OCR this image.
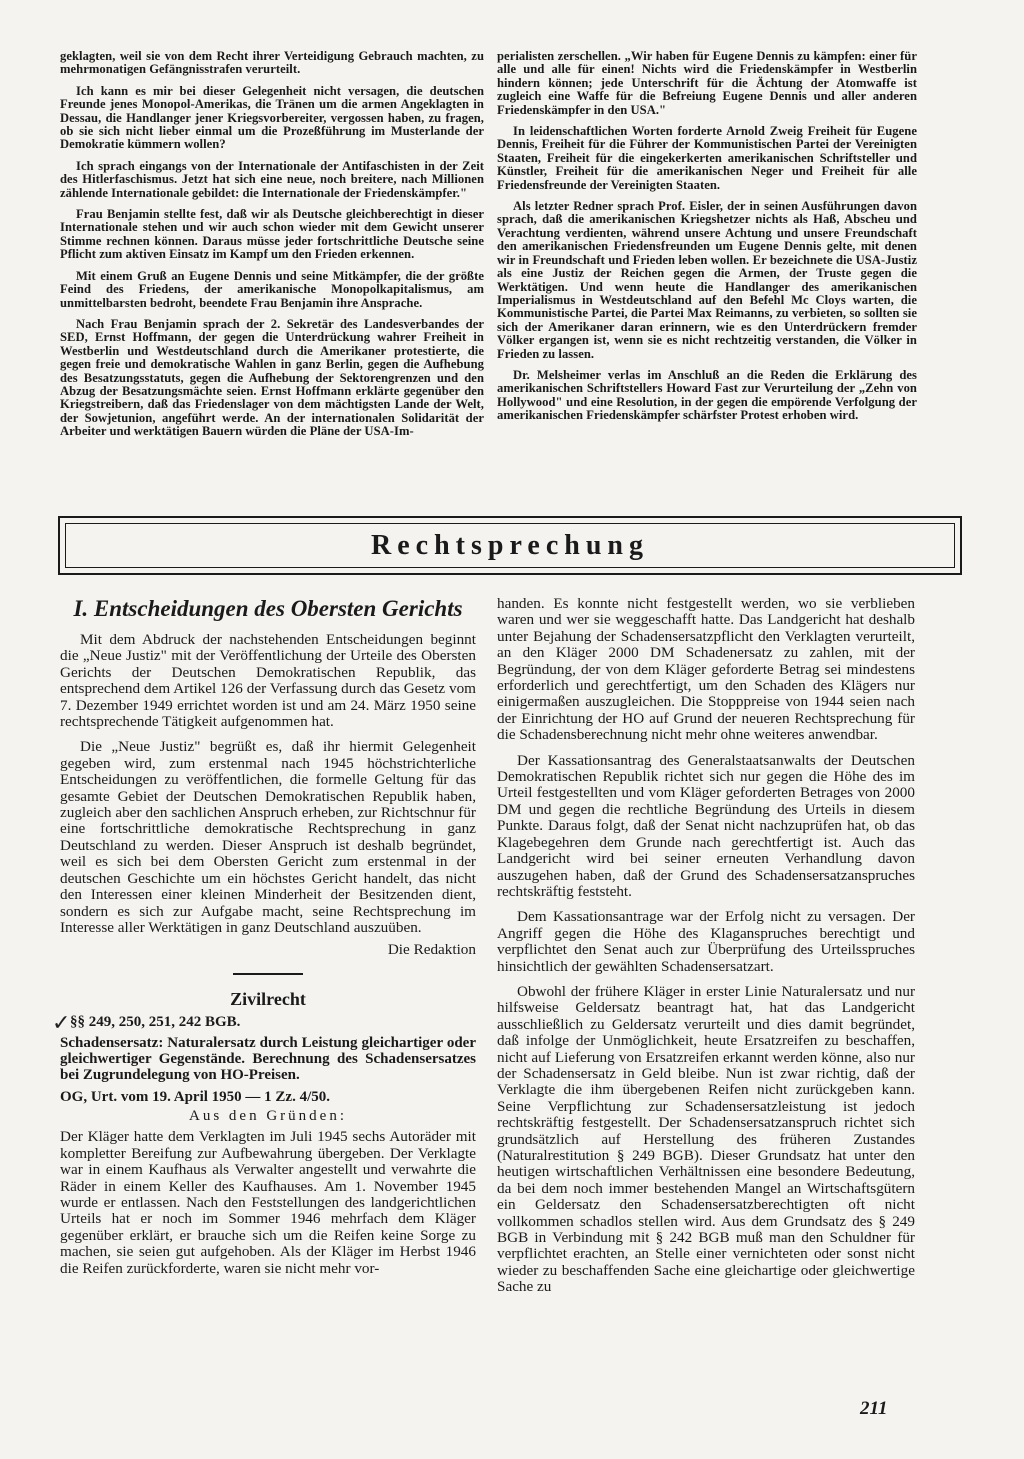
geklagten, weil sie von dem Recht ihrer Verteidigung Gebrauch machten, zu mehrmonatigen Gefängnisstrafen verurteilt.

Ich kann es mir bei dieser Gelegenheit nicht versagen, die deutschen Freunde jenes Monopol-Amerikas, die Tränen um die armen Angeklagten in Dessau, die Handlanger jener Kriegsvorbereiter, vergossen haben, zu fragen, ob sie sich nicht lieber einmal um die Prozeßführung im Musterlande der Demokratie kümmern wollen?

Ich sprach eingangs von der Internationale der Antifaschisten in der Zeit des Hitlerfaschismus. Jetzt hat sich eine neue, noch breitere, nach Millionen zählende Internationale gebildet: die Internationale der Friedenskämpfer."

Frau Benjamin stellte fest, daß wir als Deutsche gleichberechtigt in dieser Internationale stehen und wir auch schon wieder mit dem Gewicht unserer Stimme rechnen können. Daraus müsse jeder fortschrittliche Deutsche seine Pflicht zum aktiven Einsatz im Kampf um den Frieden erkennen.

Mit einem Gruß an Eugene Dennis und seine Mitkämpfer, die der größte Feind des Friedens, der amerikanische Monopolkapitalismus, am unmittelbarsten bedroht, beendete Frau Benjamin ihre Ansprache.

Nach Frau Benjamin sprach der 2. Sekretär des Landesverbandes der SED, Ernst Hoffmann, der gegen die Unterdrückung wahrer Freiheit in Westberlin und Westdeutschland durch die Amerikaner protestierte, die gegen freie und demokratische Wahlen in ganz Berlin, gegen die Aufhebung des Besatzungsstatuts, gegen die Aufhebung der Sektorengrenzen und den Abzug der Besatzungsmächte seien. Ernst Hoffmann erklärte gegenüber den Kriegstreibern, daß das Friedenslager von dem mächtigsten Lande der Welt, der Sowjetunion, angeführt werde. An der internationalen Solidarität der Arbeiter und werktätigen Bauern würden die Pläne der USA-Im-

perialisten zerschellen. „Wir haben für Eugene Dennis zu kämpfen: einer für alle und alle für einen! Nichts wird die Friedenskämpfer in Westberlin hindern können; jede Unterschrift für die Ächtung der Atomwaffe ist zugleich eine Waffe für die Befreiung Eugene Dennis und aller anderen Friedenskämpfer in den USA."

In leidenschaftlichen Worten forderte Arnold Zweig Freiheit für Eugene Dennis, Freiheit für die Führer der Kommunistischen Partei der Vereinigten Staaten, Freiheit für die eingekerkerten amerikanischen Schriftsteller und Künstler, Freiheit für die amerikanischen Neger und Freiheit für alle Friedensfreunde der Vereinigten Staaten.

Als letzter Redner sprach Prof. Eisler, der in seinen Ausführungen davon sprach, daß die amerikanischen Kriegshetzer nichts als Haß, Abscheu und Verachtung verdienten, während unsere Achtung und unsere Freundschaft den amerikanischen Friedensfreunden um Eugene Dennis gelte, mit denen wir in Freundschaft und Frieden leben wollen. Er bezeichnete die USA-Justiz als eine Justiz der Reichen gegen die Armen, der Truste gegen die Werktätigen. Und wenn heute die Handlanger des amerikanischen Imperialismus in Westdeutschland auf den Befehl Mc Cloys warten, die Kommunistische Partei, die Partei Max Reimanns, zu verbieten, so sollten sie sich der Amerikaner daran erinnern, wie es den Unterdrückern fremder Völker ergangen ist, wenn sie es nicht rechtzeitig verstanden, die Völker in Frieden zu lassen.

Dr. Melsheimer verlas im Anschluß an die Reden die Erklärung des amerikanischen Schriftstellers Howard Fast zur Verurteilung der „Zehn von Hollywood" und eine Resolution, in der gegen die empörende Verfolgung der amerikanischen Friedenskämpfer schärfster Protest erhoben wird.

Rechtsprechung
I. Entscheidungen des Obersten Gerichts

Mit dem Abdruck der nachstehenden Entscheidungen beginnt die „Neue Justiz" mit der Veröffentlichung der Urteile des Obersten Gerichts der Deutschen Demokratischen Republik, das entsprechend dem Artikel 126 der Verfassung durch das Gesetz vom 7. Dezember 1949 errichtet worden ist und am 24. März 1950 seine rechtsprechende Tätigkeit aufgenommen hat.

Die „Neue Justiz" begrüßt es, daß ihr hiermit Gelegenheit gegeben wird, zum erstenmal nach 1945 höchstrichterliche Entscheidungen zu veröffentlichen, die formelle Geltung für das gesamte Gebiet der Deutschen Demokratischen Republik haben, zugleich aber den sachlichen Anspruch erheben, zur Richtschnur für eine fortschrittliche demokratische Rechtsprechung in ganz Deutschland zu werden. Dieser Anspruch ist deshalb begründet, weil es sich bei dem Obersten Gericht zum erstenmal in der deutschen Geschichte um ein höchstes Gericht handelt, das nicht den Interessen einer kleinen Minderheit der Besitzenden dient, sondern es sich zur Aufgabe macht, seine Rechtsprechung im Interesse aller Werktätigen in ganz Deutschland auszuüben.

Die Redaktion
Zivilrecht
✓ §§ 249, 250, 251, 242 BGB.
Schadensersatz: Naturalersatz durch Leistung gleichartiger oder gleichwertiger Gegenstände. Berechnung des Schadensersatzes bei Zugrundelegung von HO-Preisen.
OG, Urt. vom 19. April 1950 — 1 Zz. 4/50.
Aus den Gründen:

Der Kläger hatte dem Verklagten im Juli 1945 sechs Autoräder mit kompletter Bereifung zur Aufbewahrung übergeben. Der Verklagte war in einem Kaufhaus als Verwalter angestellt und verwahrte die Räder in einem Keller des Kaufhauses. Am 1. November 1945 wurde er entlassen. Nach den Feststellungen des landgerichtlichen Urteils hat er noch im Sommer 1946 mehrfach dem Kläger gegenüber erklärt, er brauche sich um die Reifen keine Sorge zu machen, sie seien gut aufgehoben. Als der Kläger im Herbst 1946 die Reifen zurückforderte, waren sie nicht mehr vor-

handen. Es konnte nicht festgestellt werden, wo sie verblieben waren und wer sie weggeschafft hatte. Das Landgericht hat deshalb unter Bejahung der Schadensersatzpflicht den Verklagten verurteilt, an den Kläger 2000 DM Schadenersatz zu zahlen, mit der Begründung, der von dem Kläger geforderte Betrag sei mindestens erforderlich und gerechtfertigt, um den Schaden des Klägers nur einigermaßen auszugleichen. Die Stopppreise von 1944 seien nach der Einrichtung der HO auf Grund der neueren Rechtsprechung für die Schadensberechnung nicht mehr ohne weiteres anwendbar.

Der Kassationsantrag des Generalstaatsanwalts der Deutschen Demokratischen Republik richtet sich nur gegen die Höhe des im Urteil festgestellten und vom Kläger geforderten Betrages von 2000 DM und gegen die rechtliche Begründung des Urteils in diesem Punkte. Daraus folgt, daß der Senat nicht nachzuprüfen hat, ob das Klagebegehren dem Grunde nach gerechtfertigt ist. Auch das Landgericht wird bei seiner erneuten Verhandlung davon auszugehen haben, daß der Grund des Schadensersatzanspruches rechtskräftig feststeht.

Dem Kassationsantrage war der Erfolg nicht zu versagen. Der Angriff gegen die Höhe des Klaganspruches berechtigt und verpflichtet den Senat auch zur Überprüfung des Urteilsspruches hinsichtlich der gewählten Schadensersatzart.

Obwohl der frühere Kläger in erster Linie Naturalersatz und nur hilfsweise Geldersatz beantragt hat, hat das Landgericht ausschließlich zu Geldersatz verurteilt und dies damit begründet, daß infolge der Unmöglichkeit, heute Ersatzreifen zu beschaffen, nicht auf Lieferung von Ersatzreifen erkannt werden könne, also nur der Schadensersatz in Geld bleibe. Nun ist zwar richtig, daß der Verklagte die ihm übergebenen Reifen nicht zurückgeben kann. Seine Verpflichtung zur Schadensersatzleistung ist jedoch rechtskräftig festgestellt. Der Schadensersatzanspruch richtet sich grundsätzlich auf Herstellung des früheren Zustandes (Naturalrestitution § 249 BGB). Dieser Grundsatz hat unter den heutigen wirtschaftlichen Verhältnissen eine besondere Bedeutung, da bei dem noch immer bestehenden Mangel an Wirtschaftsgütern ein Geldersatz den Schadensersatzberechtigten oft nicht vollkommen schadlos stellen wird. Aus dem Grundsatz des § 249 BGB in Verbindung mit § 242 BGB muß man den Schuldner für verpflichtet erachten, an Stelle einer vernichteten oder sonst nicht wieder zu beschaffenden Sache eine gleichartige oder gleichwertige Sache zu

211
